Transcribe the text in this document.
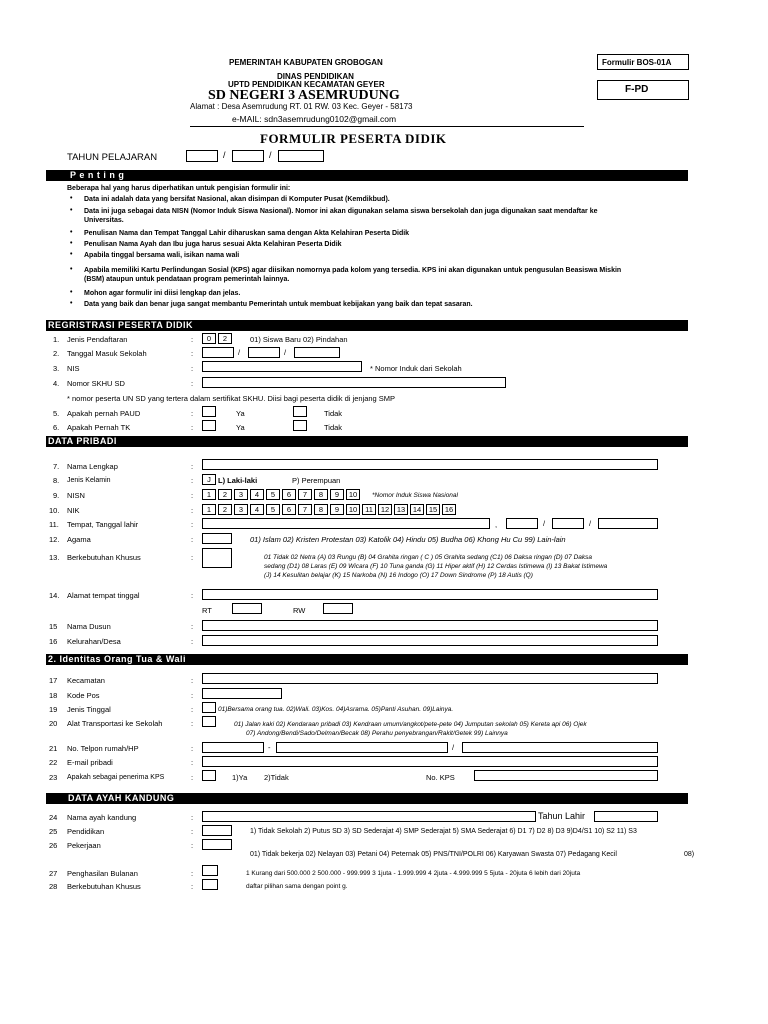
PEMERINTAH KABUPATEN GROBOGAN
DINAS PENDIDIKAN
UPTD PENDIDIKAN KECAMATAN GEYER
SD NEGERI 3 ASEMRUDUNG
Alamat : Desa Asemrudung RT. 01 RW. 03 Kec. Geyer - 58173
e-MAIL: sdn3asemrudung0102@gmail.com
Formulir BOS-01A
F-PD
FORMULIR PESERTA DIDIK
TAHUN PELAJARAN	/	/
P e n t i n g
Beberapa hal yang harus diperhatikan untuk pengisian formulir ini:
• Data ini adalah data yang bersifat Nasional, akan disimpan di Komputer Pusat (Kemdikbud).
• Data ini juga sebagai data NISN (Nomor Induk Siswa Nasional). Nomor ini akan digunakan selama siswa bersekolah dan juga digunakan saat mendaftar ke
Universitas.
• Penulisan Nama dan Tempat Tanggal Lahir diharuskan sama dengan Akta Kelahiran Peserta Didik
• Penulisan Nama Ayah dan Ibu juga harus sesuai Akta Kelahiran Peserta Didik
• Apabila tinggal bersama wali, isikan nama wali
• Apabila memiliki Kartu Perlindungan Sosial (KPS) agar diisikan nomornya pada kolom yang tersedia. KPS ini akan digunakan untuk pengusulan Beasiswa Miskin
(BSM) ataupun untuk pendataan program pemerintah lainnya.
• Mohon agar formulir ini diisi lengkap dan jelas.
• Data yang baik dan benar juga sangat membantu Pemerintah untuk membuat kebijakan yang baik dan tepat sasaran.
REGRISTRASI PESERTA DIDIK
1. Jenis Pendaftaran	:	0	2	01) Siswa Baru 02) Pindahan
2. Tanggal Masuk Sekolah	:	/	/
3. NIS	:	* Nomor Induk dari Sekolah
4. Nomor SKHU SD	:
* nomor peserta UN SD yang tertera dalam sertifikat SKHU. Diisi bagi peserta didik di jenjang SMP
5. Apakah pernah PAUD	:	Ya	Tidak
6. Apakah Pernah TK	:	Ya	Tidak
DATA PRIBADI
7. Nama Lengkap	:
8. Jenis Kelamin	:	J L) Laki-laki	P) Perempuan
9. NISN	:	1	2	3	4	5	6	7	8	9	10	*Nomor Induk Siswa Nasional
10. NIK	:	1	2	3	4	5	6	7	8	9	10	11	12	13	14	15	16
11. Tempat, Tanggal lahir	:	,	/	/
12. Agama	:	01) Islam 02) Kristen Protestan 03) Katolik 04) Hindu 05) Budha 06) Khong Hu Cu 99) Lain-lain
13. Berkebutuhan Khusus	:	01 Tidak 02 Netra (A) 03 Rungu (B) 04 Grahita ringan ( C ) 05 Grahita sedang (C1) 06 Daksa ringan (D) 07 Daksa
sedang (D1) 08 Laras (E) 09 Wicara (F) 10 Tuna ganda (G) 11 Hiper aktif (H) 12 Cerdas Istimewa (I) 13 Bakat Istimewa
(J) 14 Kesulitan belajar (K) 15 Narkoba (N) 16 Indogo (O) 17 Down Sindrome (P) 18 Autis (Q)
14. Alamat tempat tinggal	:
RT	RW
15 Nama Dusun	:
16 Kelurahan/Desa	:
2. Identitas Orang Tua & Wali
17 Kecamatan	:
18 Kode Pos	:
19 Jenis Tinggal	:	01)Bersama orang tua. 02)Wali. 03)Kos. 04)Asrama. 05)Panti Asuhan. 09)Lainya.
20 Alat Transportasi ke Sekolah	:	01) Jalan kaki 02) Kendaraan pribadi 03) Kendraan umum/angkot/pete-pete 04) Jumputan sekolah 05) Kereta api 06) Ojek
07) Andong/Bendi/Sado/Delman/Becak 08) Perahu penyebrangan/Rakit/Getek 99) Lainnya
21 No. Telpon rumah/HP	:	-	/
22 E-mail pribadi	:
23 Apakah sebagai penerima KPS	:	1)Ya 2)Tidak	No. KPS
DATA AYAH KANDUNG
24 Nama ayah kandung	:	Tahun Lahir
25 Pendidikan	:	1) Tidak Sekolah 2) Putus SD 3) SD Sederajat 4) SMP Sederajat 5) SMA Sederajat 6) D1 7) D2 8) D3 9)D4/S1 10) S2 11) S3
26 Pekerjaan	:
01) Tidak bekerja 02) Nelayan 03) Petani 04) Peternak 05) PNS/TNI/POLRI 06) Karyawan Swasta 07) Pedagang Kecil	08)
27 Penghasilan Bulanan	:	1 Kurang dari 500.000 2 500.000 - 999.999 3 1juta - 1.999.999 4 2juta - 4.999.999 5 5juta - 20juta 6 lebih dari 20juta
28 Berkebutuhan Khusus	:	daftar pilihan sama dengan point g.
